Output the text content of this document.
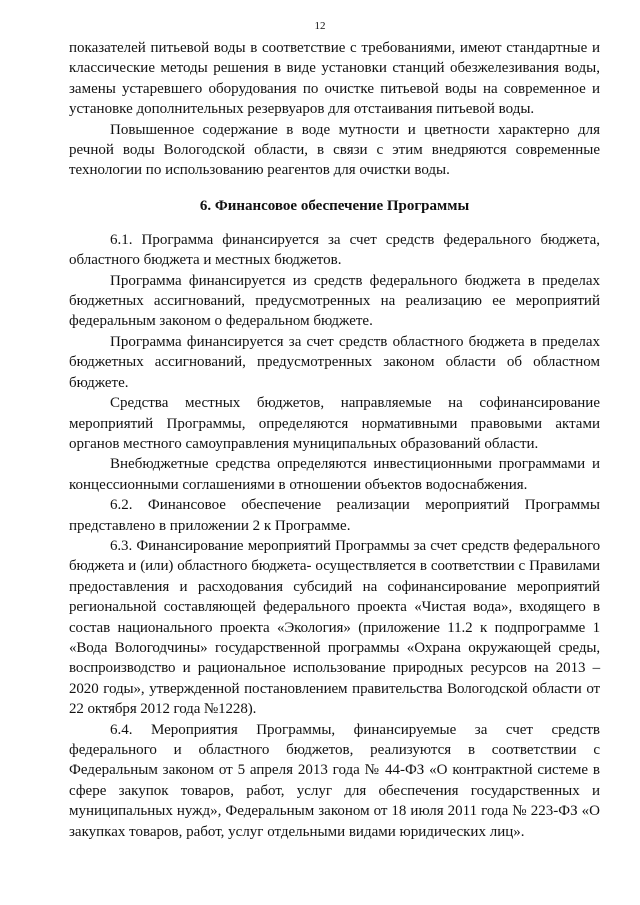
12

показателей питьевой воды в соответствие с требованиями, имеют стандартные и классические методы решения в виде установки станций обезжелезивания воды, замены устаревшего оборудования по очистке питьевой воды на современное и установке дополнительных резервуаров для отстаивания питьевой воды.

Повышенное содержание в воде мутности и цветности характерно для речной воды Вологодской области, в связи с этим внедряются современные технологии по использованию реагентов для очистки воды.

6. Финансовое обеспечение Программы

6.1. Программа финансируется за счет средств федерального бюджета, областного бюджета и местных бюджетов.

Программа финансируется из средств федерального бюджета в пределах бюджетных ассигнований, предусмотренных на реализацию ее мероприятий федеральным законом о федеральном бюджете.

Программа финансируется за счет средств областного бюджета в пределах бюджетных ассигнований, предусмотренных законом области об областном бюджете.

Средства местных бюджетов, направляемые на софинансирование мероприятий Программы, определяются нормативными правовыми актами органов местного самоуправления муниципальных образований области.

Внебюджетные средства определяются инвестиционными программами и концессионными соглашениями в отношении объектов водоснабжения.

6.2. Финансовое обеспечение реализации мероприятий Программы представлено в приложении 2 к Программе.

6.3. Финансирование мероприятий Программы за счет средств федерального бюджета и (или) областного бюджета- осуществляется в соответствии с Правилами предоставления и расходования субсидий на софинансирование мероприятий региональной составляющей федерального проекта «Чистая вода», входящего в состав национального проекта «Экология» (приложение 11.2 к подпрограмме 1 «Вода Вологодчины» государственной программы «Охрана окружающей среды, воспроизводство и рациональное использование природных ресурсов на 2013 – 2020 годы», утвержденной постановлением правительства Вологодской области от 22 октября 2012 года №1228).

6.4. Мероприятия Программы, финансируемые за счет средств федерального и областного бюджетов, реализуются в соответствии с Федеральным законом от 5 апреля 2013 года № 44-ФЗ «О контрактной системе в сфере закупок товаров, работ, услуг для обеспечения государственных и муниципальных нужд», Федеральным законом от 18 июля 2011 года № 223-ФЗ «О закупках товаров, работ, услуг отдельными видами юридических лиц».
